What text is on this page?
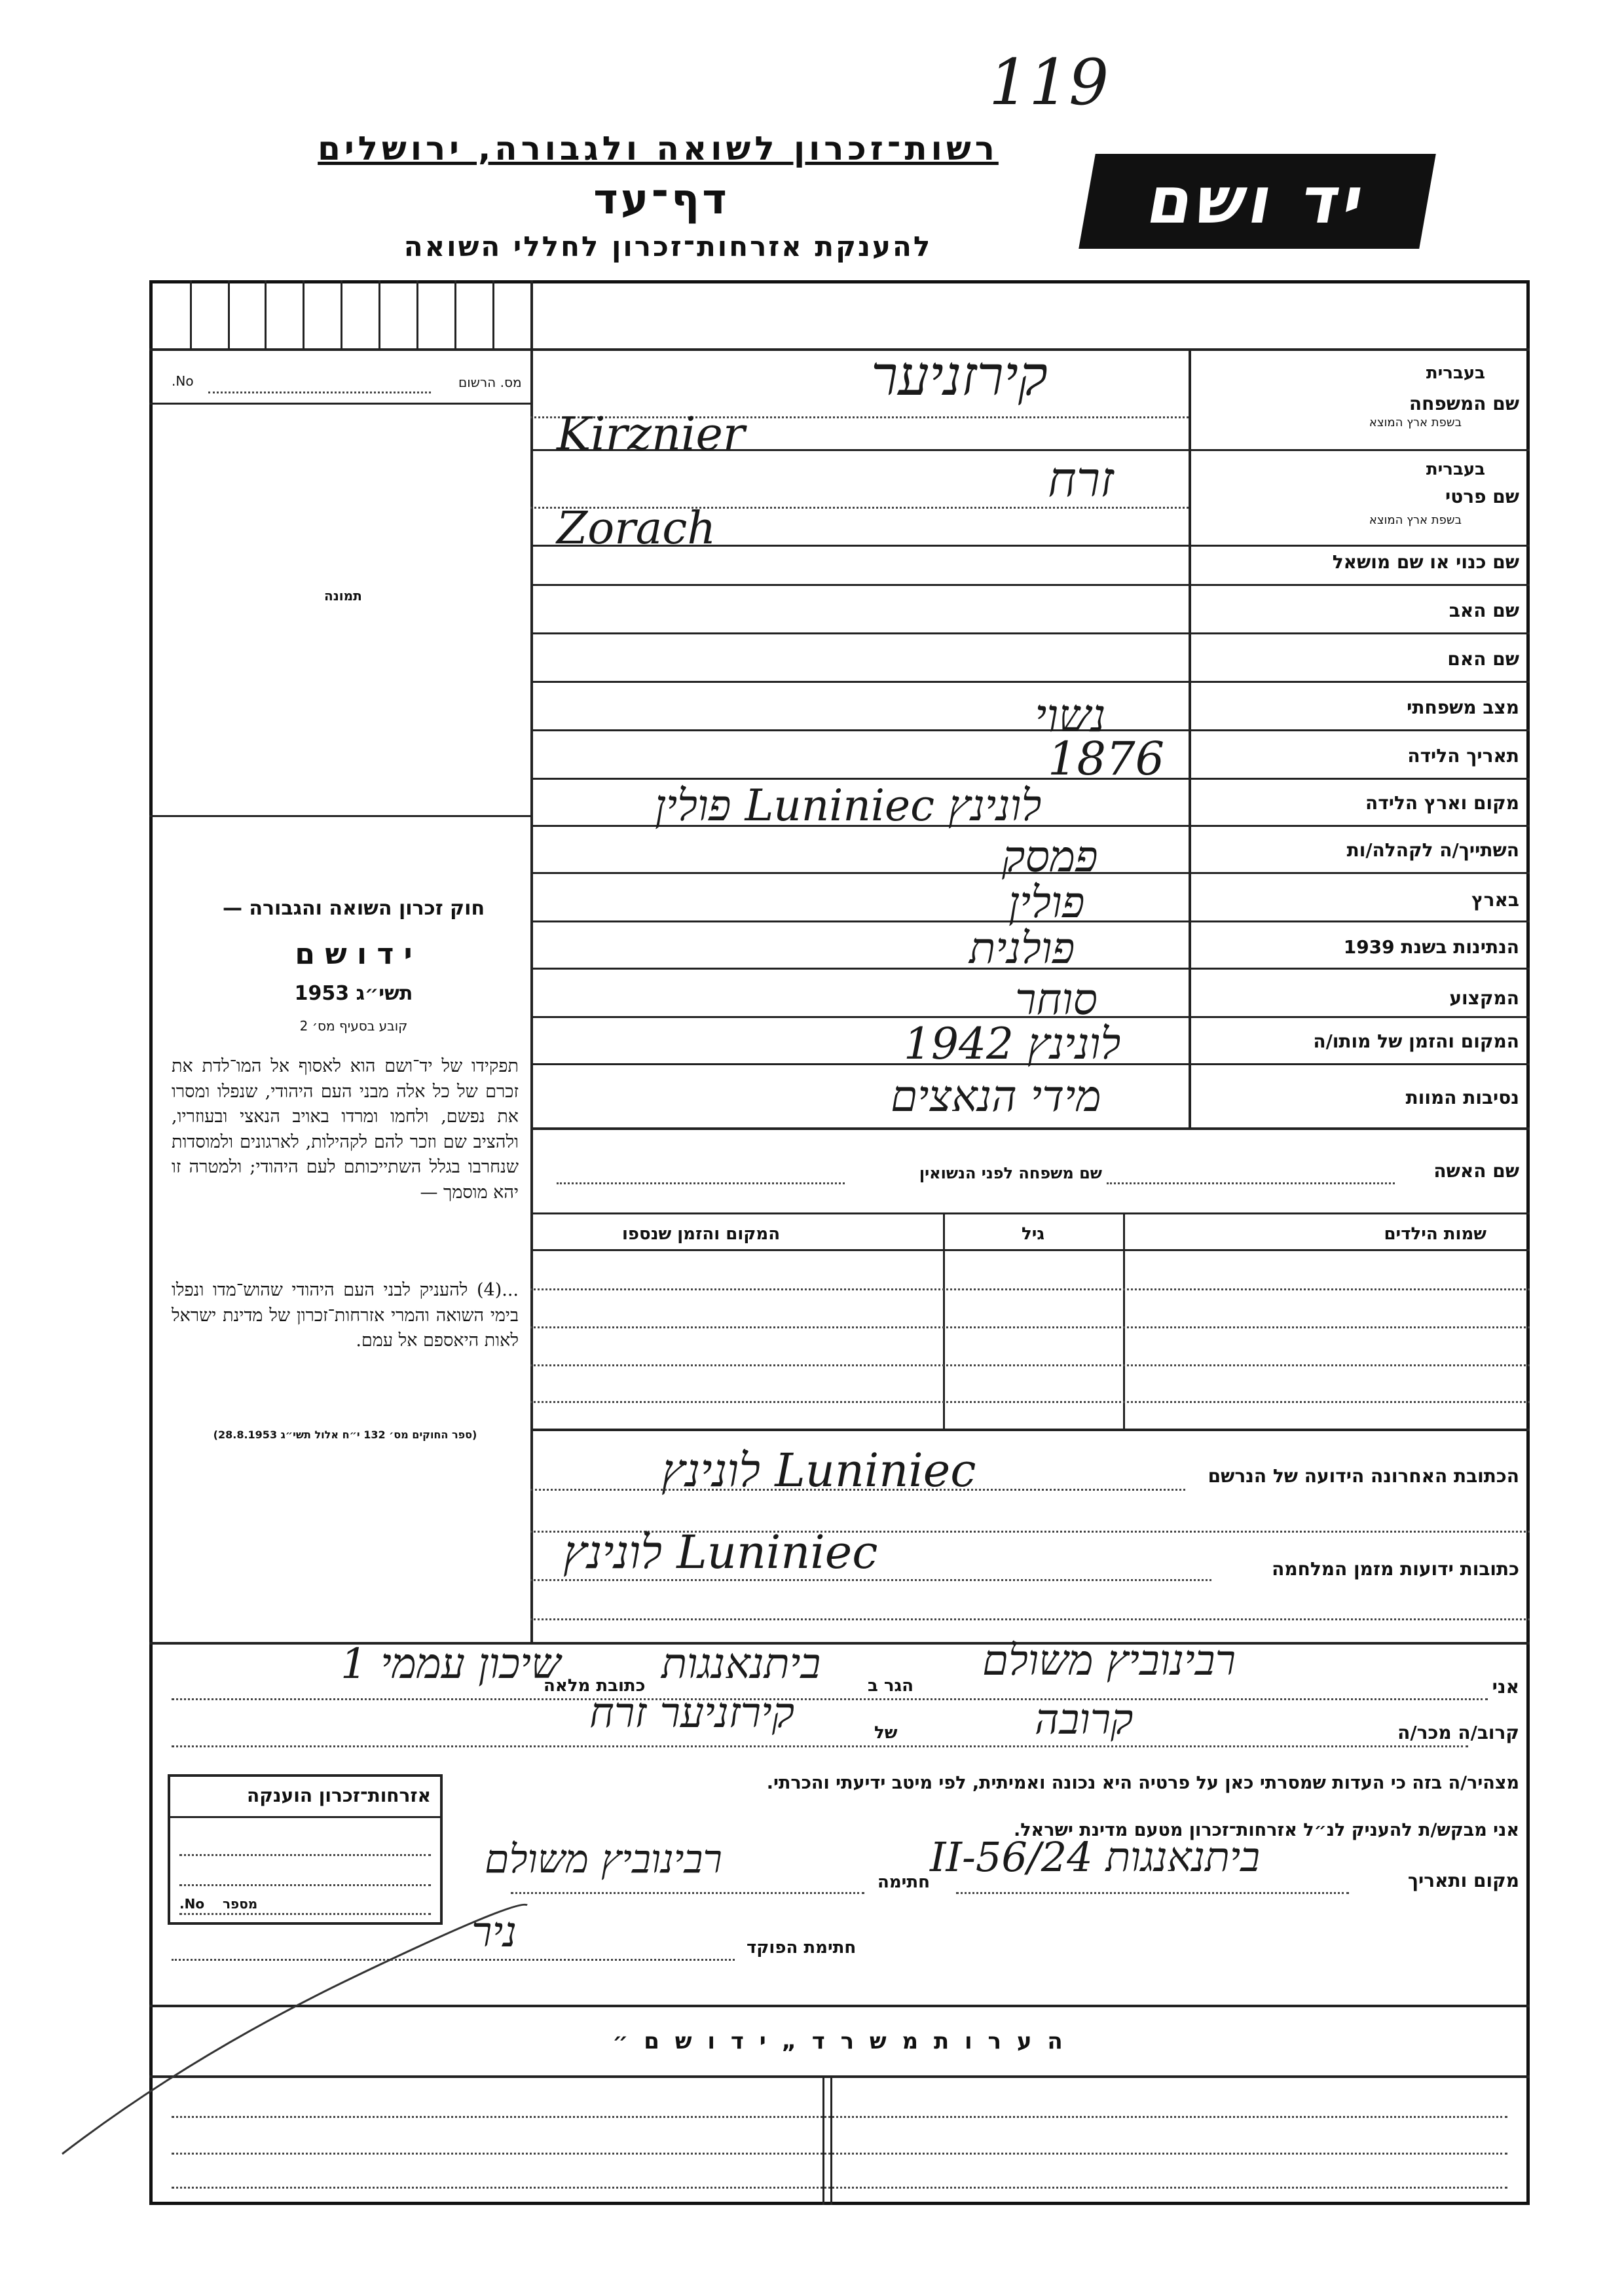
119
רשות־זכרון לשואה ולגבורה, ירושלים
דף־עד
להענקת אזרחות־זכרון לחללי השואה
יד ושם
מס. הרשום
No.
תמונה
חוק זכרון השואה והגבורה —
י ד ו ש ם
תשי״ג 1953
קובע בסעיף מס׳ 2
תפקידו של יד־ושם הוא לאסוף אל המו־לדת את זכרם של כל אלה מבני העם היהודי, שנפלו ומסרו את נפשם, ולחמו ומרדו באויב הנאצי ובעוזריו, ולהציב שם וזכר להם לקהילות, לארגונים ולמוסדות שנחרבו בגלל השתייכותם לעם היהודי; ולמטרה זו יהא מוסמך —
...(4) להעניק לבני העם היהודי שהוש־מדו ונפלו בימי השואה והמרי אזרחות־זכרון של מדינת ישראל לאות היאספם אל עמם.
(ספר החוקים מס׳ 132 י״ח אלול תשי״ג 28.8.1953)
שם המשפחה
בעברית
בשפת ארץ המוצא
שם פרטי
בעברית
בשפת ארץ המוצא
שם כנוי או שם מושאל
שם האב
שם האם
מצב משפחתי
תאריך הלידה
מקום וארץ הלידה
השתייך/ה לקהלה/ות
בארץ
הנתינות בשנת 1939
המקצוע
המקום והזמן של מותו/ה
נסיבות המוות
קירזניער
Kirznier
זרח
Zorach
נשוי
1876
לונינץ Luniniec פולין
פמסק
פולין
פולנית
סוחר
לונינץ 1942
מידי הנאצים
שם האשה
שם משפחה לפני הנשואין
שמות הילדים
גיל
המקום והזמן שנספו
הכתובת האחרונה הידועה של הנרשם
Luniniec לונינץ
כתובות ידועות מזמן המלחמה
Luniniec לונינץ
אני
רבינוביץ משולם
הגר ב
ביתנאנגות
כתובת מלאה
שיכון עממי 1
קרוב/ה מכר/ה
קרובה
של
קירזניער זרח
מצהיר/ה בזה כי העדות שמסרתי כאן על פרטיה היא נכונה ואמיתית, לפי מיטב ידיעתי והכרתי.
אני מבקש/ת להעניק לנ״ל אזרחות־זכרון מטעם מדינת ישראל.
מקום ותאריך
ביתנאנגות 24/II-56
חתימה
רבינוביץ משולם
חתימת הפוקד
ניר
אזרחות־זכרון הוענקה
No. מספר
ה ע ר ו ת מ ש ר ד „ י ד ו ש ם ״
